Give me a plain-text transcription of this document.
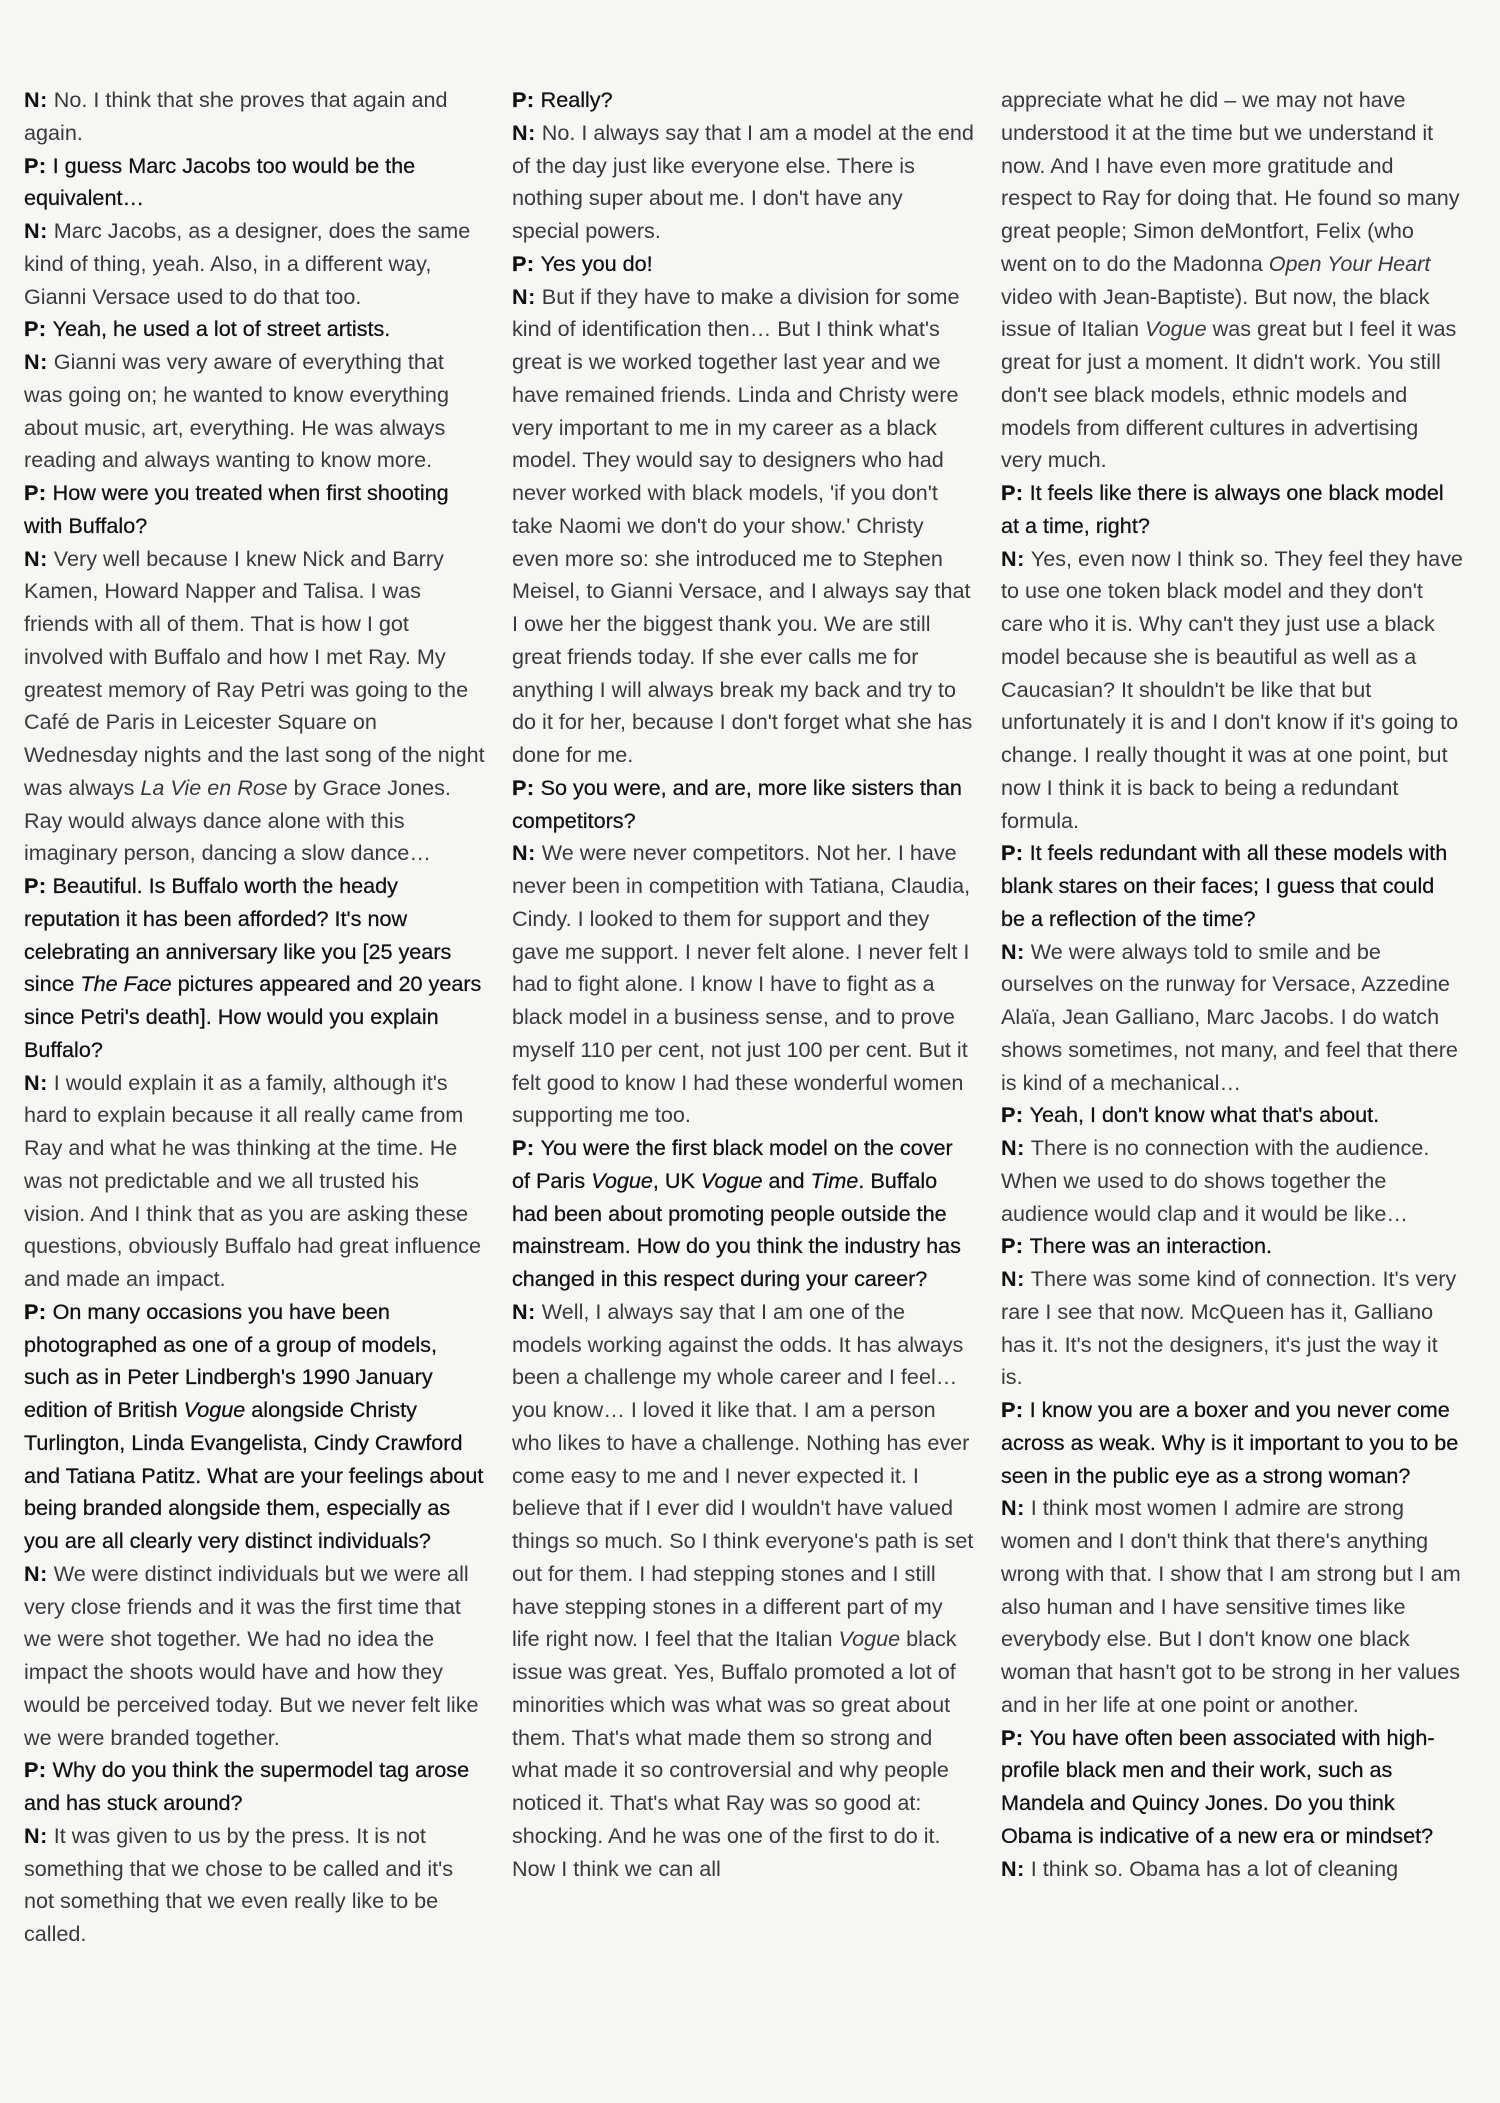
N: No. I think that she proves that again and again.

P: I guess Marc Jacobs too would be the equivalent…

N: Marc Jacobs, as a designer, does the same kind of thing, yeah. Also, in a different way, Gianni Versace used to do that too.

P: Yeah, he used a lot of street artists.

N: Gianni was very aware of everything that was going on; he wanted to know everything about music, art, everything. He was always reading and always wanting to know more.

P: How were you treated when first shooting with Buffalo?

N: Very well because I knew Nick and Barry Kamen, Howard Napper and Talisa. I was friends with all of them. That is how I got involved with Buffalo and how I met Ray. My greatest memory of Ray Petri was going to the Café de Paris in Leicester Square on Wednesday nights and the last song of the night was always La Vie en Rose by Grace Jones. Ray would always dance alone with this imaginary person, dancing a slow dance…

P: Beautiful. Is Buffalo worth the heady reputation it has been afforded? It's now celebrating an anniversary like you [25 years since The Face pictures appeared and 20 years since Petri's death]. How would you explain Buffalo?

N: I would explain it as a family, although it's hard to explain because it all really came from Ray and what he was thinking at the time. He was not predictable and we all trusted his vision. And I think that as you are asking these questions, obviously Buffalo had great influence and made an impact.

P: On many occasions you have been photographed as one of a group of models, such as in Peter Lindbergh's 1990 January edition of British Vogue alongside Christy Turlington, Linda Evangelista, Cindy Crawford and Tatiana Patitz. What are your feelings about being branded alongside them, especially as you are all clearly very distinct individuals?

N: We were distinct individuals but we were all very close friends and it was the first time that we were shot together. We had no idea the impact the shoots would have and how they would be perceived today. But we never felt like we were branded together.

P: Why do you think the supermodel tag arose and has stuck around?

N: It was given to us by the press. It is not something that we chose to be called and it's not something that we even really like to be called.

P: Really?

N: No. I always say that I am a model at the end of the day just like everyone else. There is nothing super about me. I don't have any special powers.

P: Yes you do!

N: But if they have to make a division for some kind of identification then… But I think what's great is we worked together last year and we have remained friends. Linda and Christy were very important to me in my career as a black model. They would say to designers who had never worked with black models, 'if you don't take Naomi we don't do your show.' Christy even more so: she introduced me to Stephen Meisel, to Gianni Versace, and I always say that I owe her the biggest thank you. We are still great friends today. If she ever calls me for anything I will always break my back and try to do it for her, because I don't forget what she has done for me.

P: So you were, and are, more like sisters than competitors?

N: We were never competitors. Not her. I have never been in competition with Tatiana, Claudia, Cindy. I looked to them for support and they gave me support. I never felt alone. I never felt I had to fight alone. I know I have to fight as a black model in a business sense, and to prove myself 110 per cent, not just 100 per cent. But it felt good to know I had these wonderful women supporting me too.

P: You were the first black model on the cover of Paris Vogue, UK Vogue and Time. Buffalo had been about promoting people outside the mainstream. How do you think the industry has changed in this respect during your career?

N: Well, I always say that I am one of the models working against the odds. It has always been a challenge my whole career and I feel… you know… I loved it like that. I am a person who likes to have a challenge. Nothing has ever come easy to me and I never expected it. I believe that if I ever did I wouldn't have valued things so much. So I think everyone's path is set out for them. I had stepping stones and I still have stepping stones in a different part of my life right now. I feel that the Italian Vogue black issue was great. Yes, Buffalo promoted a lot of minorities which was what was so great about them. That's what made them so strong and what made it so controversial and why people noticed it. That's what Ray was so good at: shocking. And he was one of the first to do it. Now I think we can all

appreciate what he did – we may not have understood it at the time but we understand it now. And I have even more gratitude and respect to Ray for doing that. He found so many great people; Simon deMontfort, Felix (who went on to do the Madonna Open Your Heart video with Jean-Baptiste). But now, the black issue of Italian Vogue was great but I feel it was great for just a moment. It didn't work. You still don't see black models, ethnic models and models from different cultures in advertising very much.

P: It feels like there is always one black model at a time, right?

N: Yes, even now I think so. They feel they have to use one token black model and they don't care who it is. Why can't they just use a black model because she is beautiful as well as a Caucasian? It shouldn't be like that but unfortunately it is and I don't know if it's going to change. I really thought it was at one point, but now I think it is back to being a redundant formula.

P: It feels redundant with all these models with blank stares on their faces; I guess that could be a reflection of the time?

N: We were always told to smile and be ourselves on the runway for Versace, Azzedine Alaïa, Jean Galliano, Marc Jacobs. I do watch shows sometimes, not many, and feel that there is kind of a mechanical…

P: Yeah, I don't know what that's about.

N: There is no connection with the audience. When we used to do shows together the audience would clap and it would be like…

P: There was an interaction.

N: There was some kind of connection. It's very rare I see that now. McQueen has it, Galliano has it. It's not the designers, it's just the way it is.

P: I know you are a boxer and you never come across as weak. Why is it important to you to be seen in the public eye as a strong woman?

N: I think most women I admire are strong women and I don't think that there's anything wrong with that. I show that I am strong but I am also human and I have sensitive times like everybody else. But I don't know one black woman that hasn't got to be strong in her values and in her life at one point or another.

P: You have often been associated with high-profile black men and their work, such as Mandela and Quincy Jones. Do you think Obama is indicative of a new era or mindset?

N: I think so. Obama has a lot of cleaning
